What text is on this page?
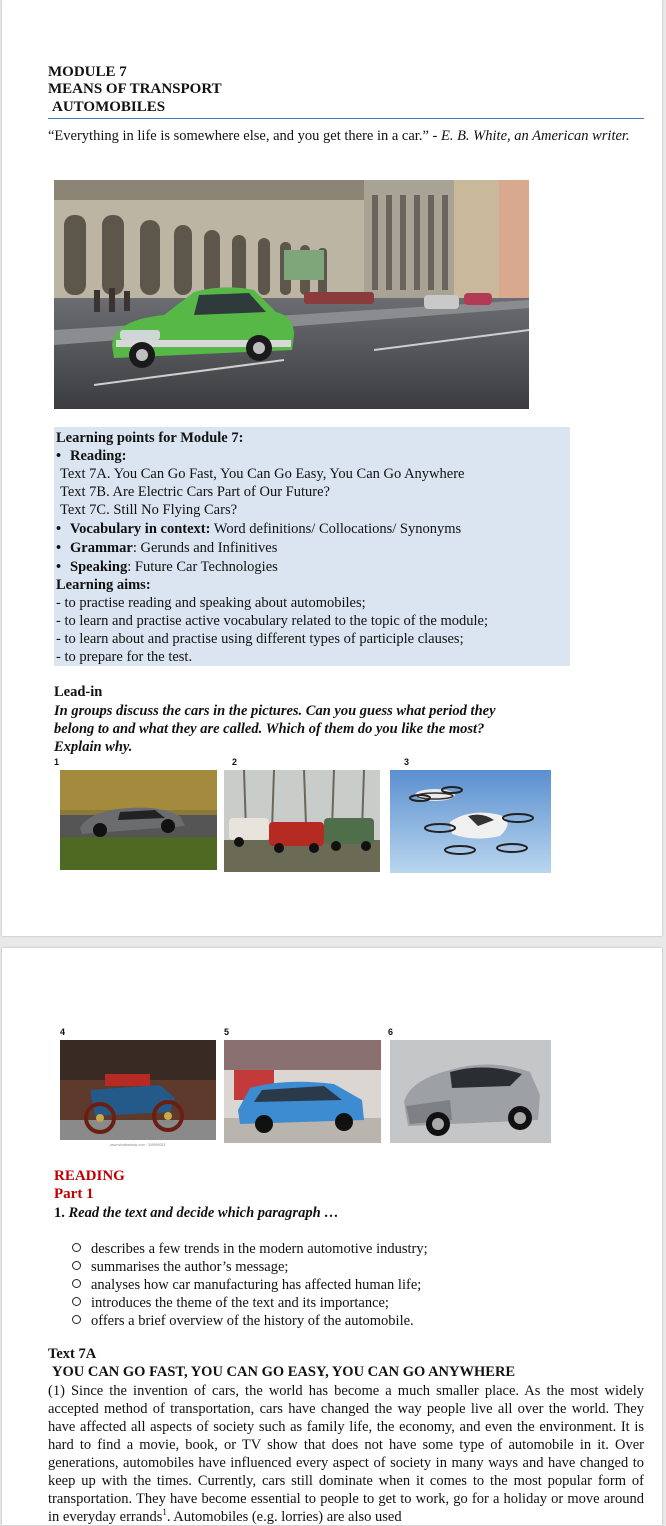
MODULE 7
MEANS OF TRANSPORT
AUTOMOBILES
“Everything in life is somewhere else, and you get there in a car.” - E. B. White, an American writer.
Learning points for Module 7:
• Reading:
Text 7A. You Can Go Fast, You Can Go Easy, You Can Go Anywhere
Text 7B. Are Electric Cars Part of Our Future?
Text 7C. Still No Flying Cars?
• Vocabulary in context: Word definitions/ Collocations/ Synonyms
• Grammar: Gerunds and Infinitives
• Speaking: Future Car Technologies
Learning aims:
- to practise reading and speaking about automobiles;
- to learn and practise active vocabulary related to the topic of the module;
- to learn about and practise using different types of participle clauses;
- to prepare for the test.
Lead-in
In groups discuss the cars in the pictures. Can you guess what period they
belong to and what they are called. Which of them do you like the most?
Explain why.
1	2	3
4	5	6
www.shutterstock.com · 305999315
READING
Part 1
1. Read the text and decide which paragraph …
describes a few trends in the modern automotive industry;
summarises the author’s message;
analyses how car manufacturing has affected human life;
introduces the theme of the text and its importance;
offers a brief overview of the history of the automobile.
Text 7A
YOU CAN GO FAST, YOU CAN GO EASY, YOU CAN GO ANYWHERE
(1) Since the invention of cars, the world has become a much smaller place. As the most widely accepted method of transportation, cars have changed the way people live all over the world. They have affected all aspects of society such as family life, the economy, and even the environment. It is hard to find a movie, book, or TV show that does not have some type of automobile in it. Over generations, automobiles have influenced every aspect of society in many ways and have changed to keep up with the times. Currently, cars still dominate when it comes to the most popular form of transportation. They have become essential to people to get to work, go for a holiday or move around in everyday errands$^1$. Automobiles (e.g. lorries) are also used
